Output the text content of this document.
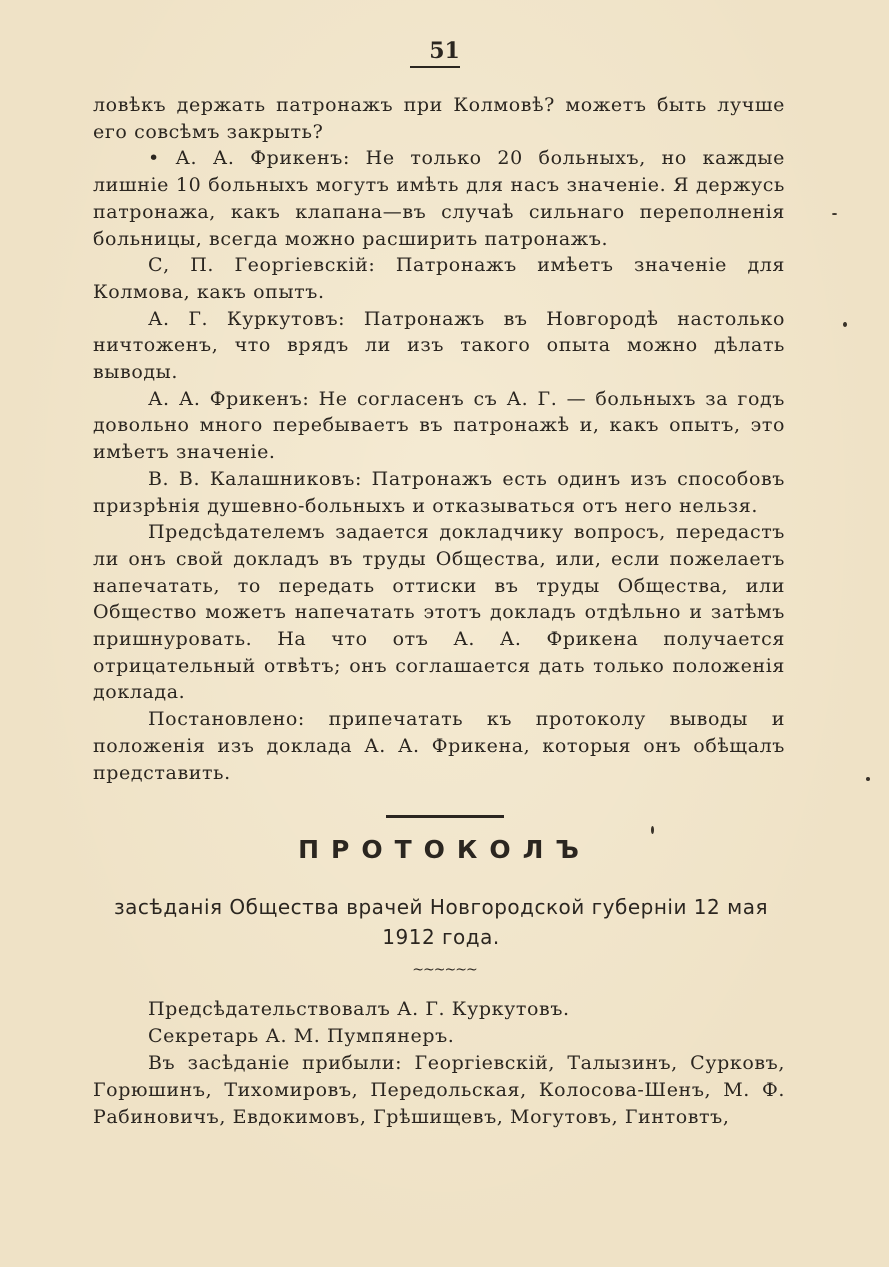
51

ловѣкъ держать патронажъ при Колмовѣ? можетъ быть лучше его совсѣмъ закрыть?

• А. А. Фрикенъ: Не только 20 больныхъ, но каждые лишніе 10 больныхъ могутъ имѣть для насъ значеніе. Я держусь патронажа, какъ клапана—въ случаѣ сильнаго переполненія больницы, всегда можно расширить патронажъ.

С, П. Георгіевскій: Патронажъ имѣетъ значеніе для Колмова, какъ опытъ.

А. Г. Куркутовъ: Патронажъ въ Новгородѣ настолько ничтоженъ, что врядъ ли изъ такого опыта можно дѣлать выводы.

А. А. Фрикенъ: Не согласенъ съ А. Г. — больныхъ за годъ довольно много перебываетъ въ патронажѣ и, какъ опытъ, это имѣетъ значеніе.

В. В. Калашниковъ: Патронажъ есть одинъ изъ способовъ призрѣнія душевно-больныхъ и отказываться отъ него нельзя.

Предсѣдателемъ задается докладчику вопросъ, передастъ ли онъ свой докладъ въ труды Общества, или, если пожелаетъ напечатать, то передать оттиски въ труды Общества, или Общество можетъ напечатать этотъ докладъ отдѣльно и затѣмъ пришнуровать. На что отъ А. А. Фрикена получается отрицательный отвѣтъ; онъ соглашается дать только положенія доклада.

Постановлено: припечатать къ протоколу выводы и положенія изъ доклада А. А. Фрикена, которыя онъ обѣщалъ представить.

ПРОТОКОЛЪ
засѣданія Общества врачей Новгородской губерніи 12 мая
1912 года.
~~~~~~

Предсѣдательствовалъ А. Г. Куркутовъ.

Секретарь А. М. Пумпянеръ.

Въ засѣданіе прибыли: Георгіевскій, Талызинъ, Сурковъ, Горюшинъ, Тихомировъ, Передольская, Колосова-Шенъ, М. Ф. Рабиновичъ, Евдокимовъ, Грѣшищевъ, Могутовъ, Гинтовтъ,
